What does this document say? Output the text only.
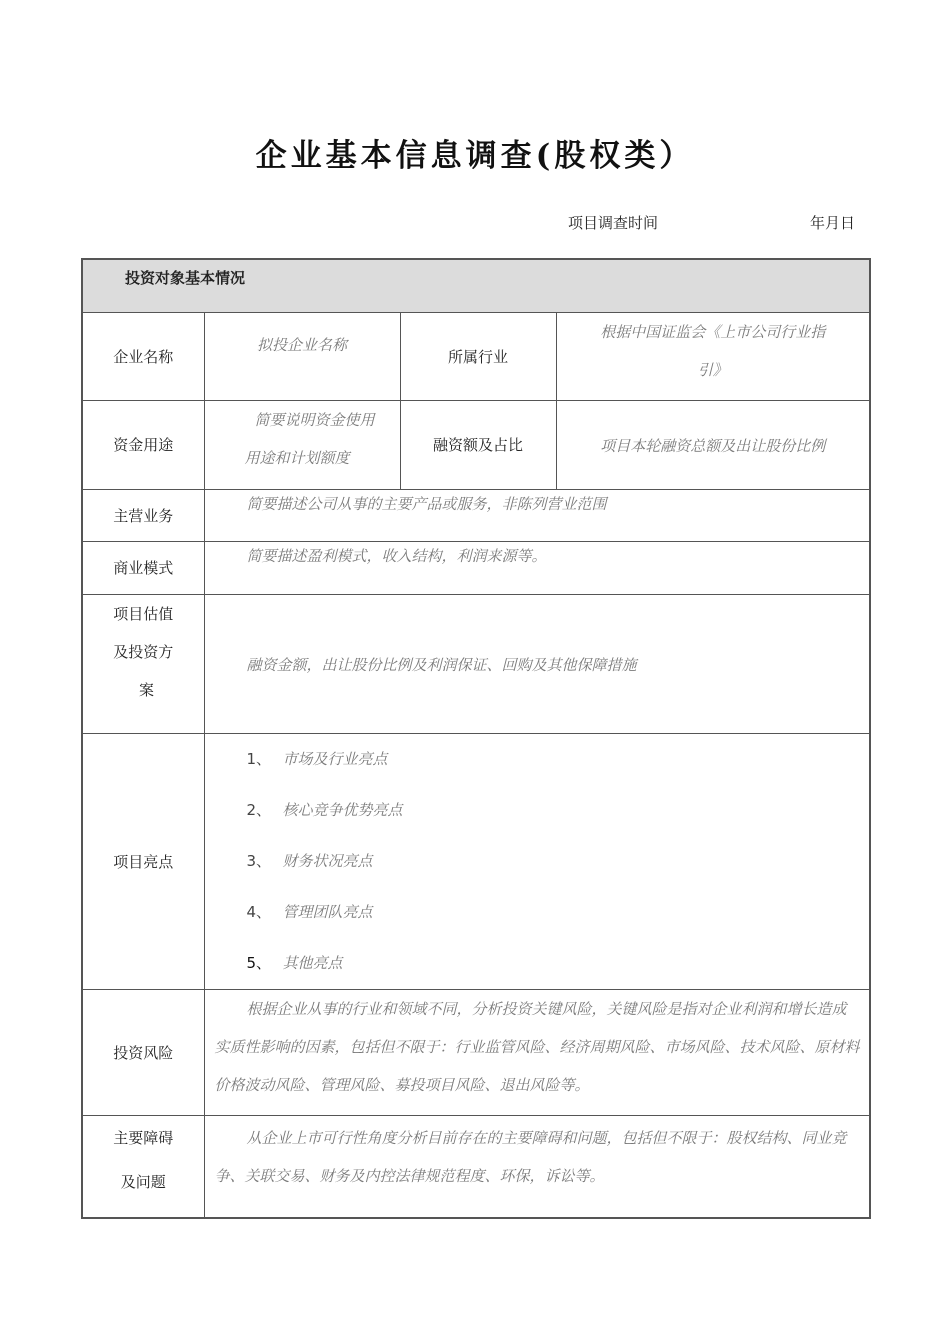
企业基本信息调查(股权类）
项目调查时间	年月日
投资对象基本情况			

企业名称	拟投企业名称	所属行业	根据中国证监会《上市公司行业指
引》

资金用途	简要说明资金使用
用途和计划额度	融资额及占比	项目本轮融资总额及出让股份比例
主营业务	简要描述公司从事的主要产品或服务，非陈列营业范围		
商业模式	简要描述盈利模式，收入结构，利润来源等。		

项目估值
及投资方
案	融资金额，出让股份比例及利润保证、回购及其他保障措施		
项目亮点	1、 市场及行业亮点
2、 核心竞争优势亮点
3、 财务状况亮点
4、 管理团队亮点
5、 其他亮点		

投资风险	根据企业从事的行业和领域不同，分析投资关键风险，关键风险是指对企业利润和增长造成实质性影响的因素，包括但不限于：行业监管风险、经济周期风险、市场风险、技术风险、原材料价格波动风险、管理风险、募投项目风险、退出风险等。		

主要障碍
及问题	从企业上市可行性角度分析目前存在的主要障碍和问题，包括但不限于：股权结构、同业竞争、关联交易、财务及内控法律规范程度、环保，诉讼等。		
